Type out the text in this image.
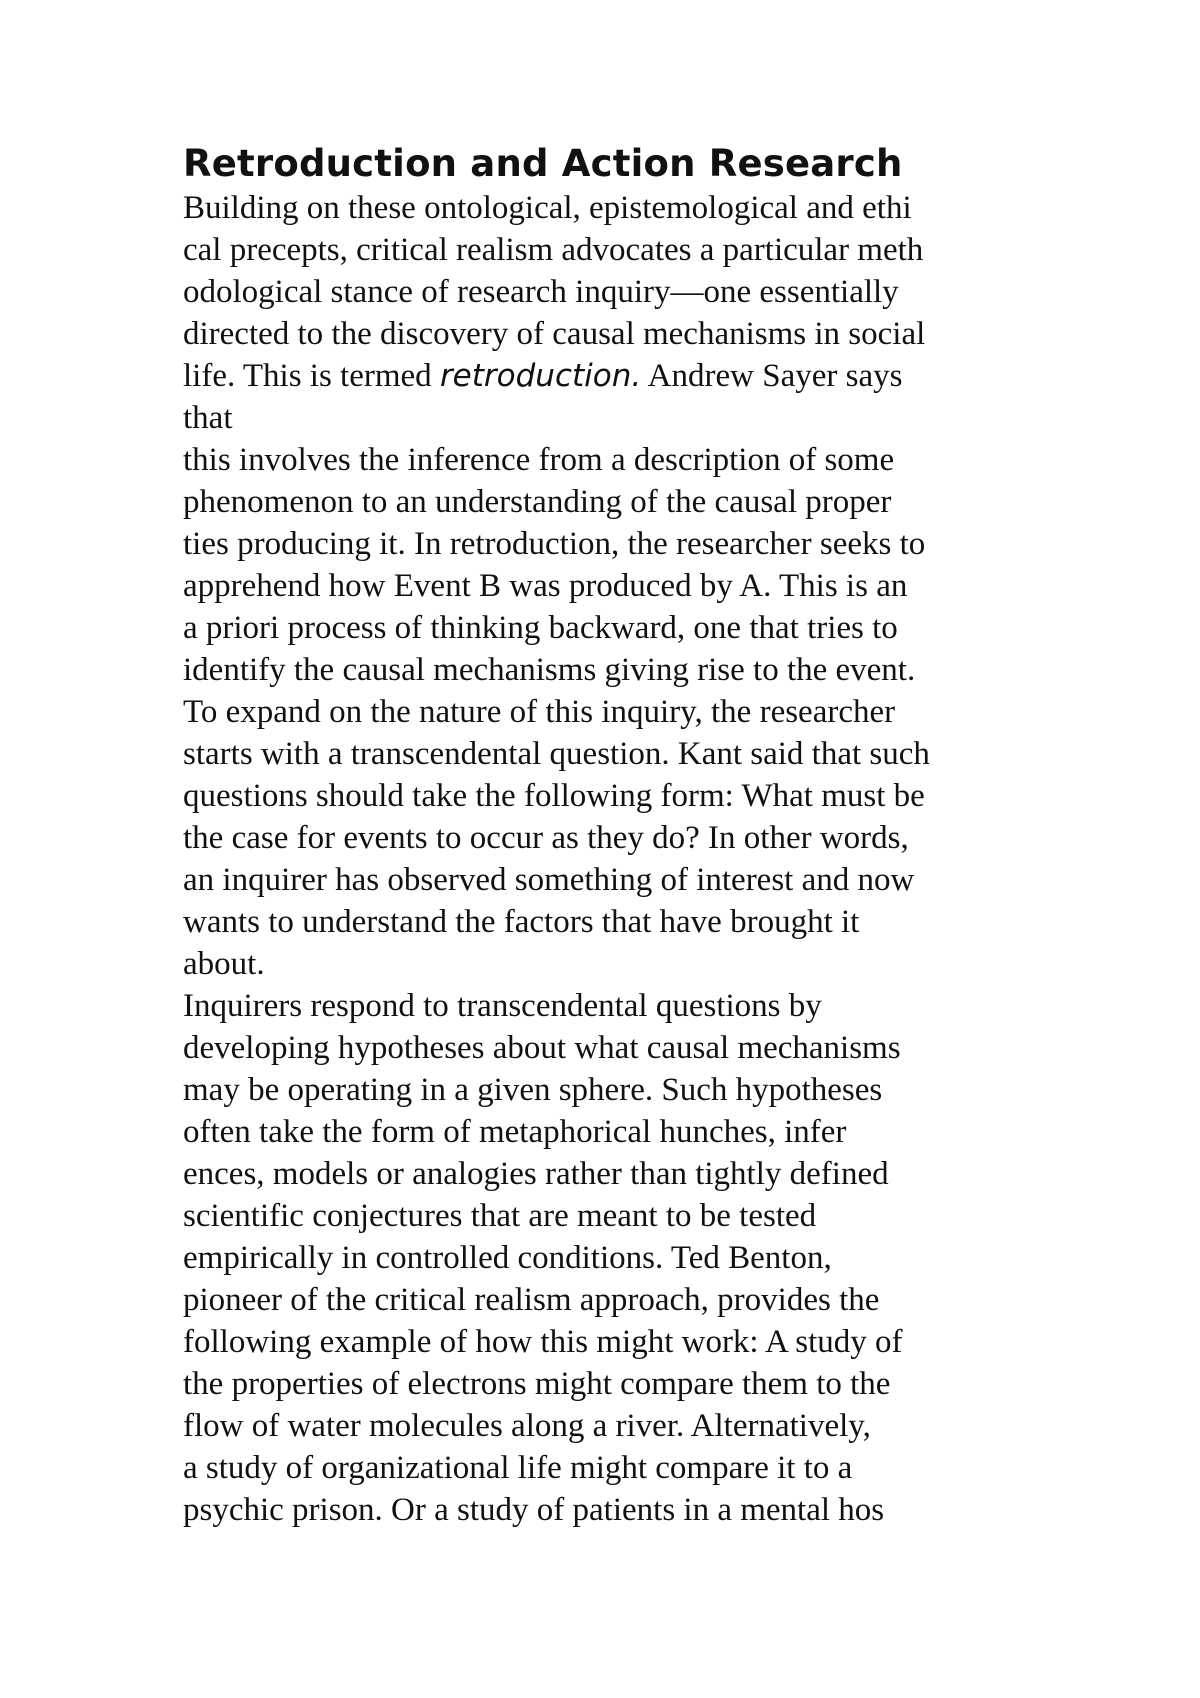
Retroduction and Action Research
Building on these ontological, epistemological and ethi
cal precepts, critical realism advocates a particular meth
odological stance of research inquiry—one essentially
directed to the discovery of causal mechanisms in social
life. This is termed retroduction. Andrew Sayer says
that
this involves the inference from a description of some
phenomenon to an understanding of the causal proper
ties producing it. In retroduction, the researcher seeks to
apprehend how Event B was produced by A. This is an
a priori process of thinking backward, one that tries to
identify the causal mechanisms giving rise to the event.
To expand on the nature of this inquiry, the researcher
starts with a transcendental question. Kant said that such
questions should take the following form: What must be
the case for events to occur as they do? In other words,
an inquirer has observed something of interest and now
wants to understand the factors that have brought it
about.
Inquirers respond to transcendental questions by
developing hypotheses about what causal mechanisms
may be operating in a given sphere. Such hypotheses
often take the form of metaphorical hunches, infer
ences, models or analogies rather than tightly defined
scientific conjectures that are meant to be tested
empirically in controlled conditions. Ted Benton,
pioneer of the critical realism approach, provides the
following example of how this might work: A study of
the properties of electrons might compare them to the
flow of water molecules along a river. Alternatively,
a study of organizational life might compare it to a
psychic prison. Or a study of patients in a mental hos
